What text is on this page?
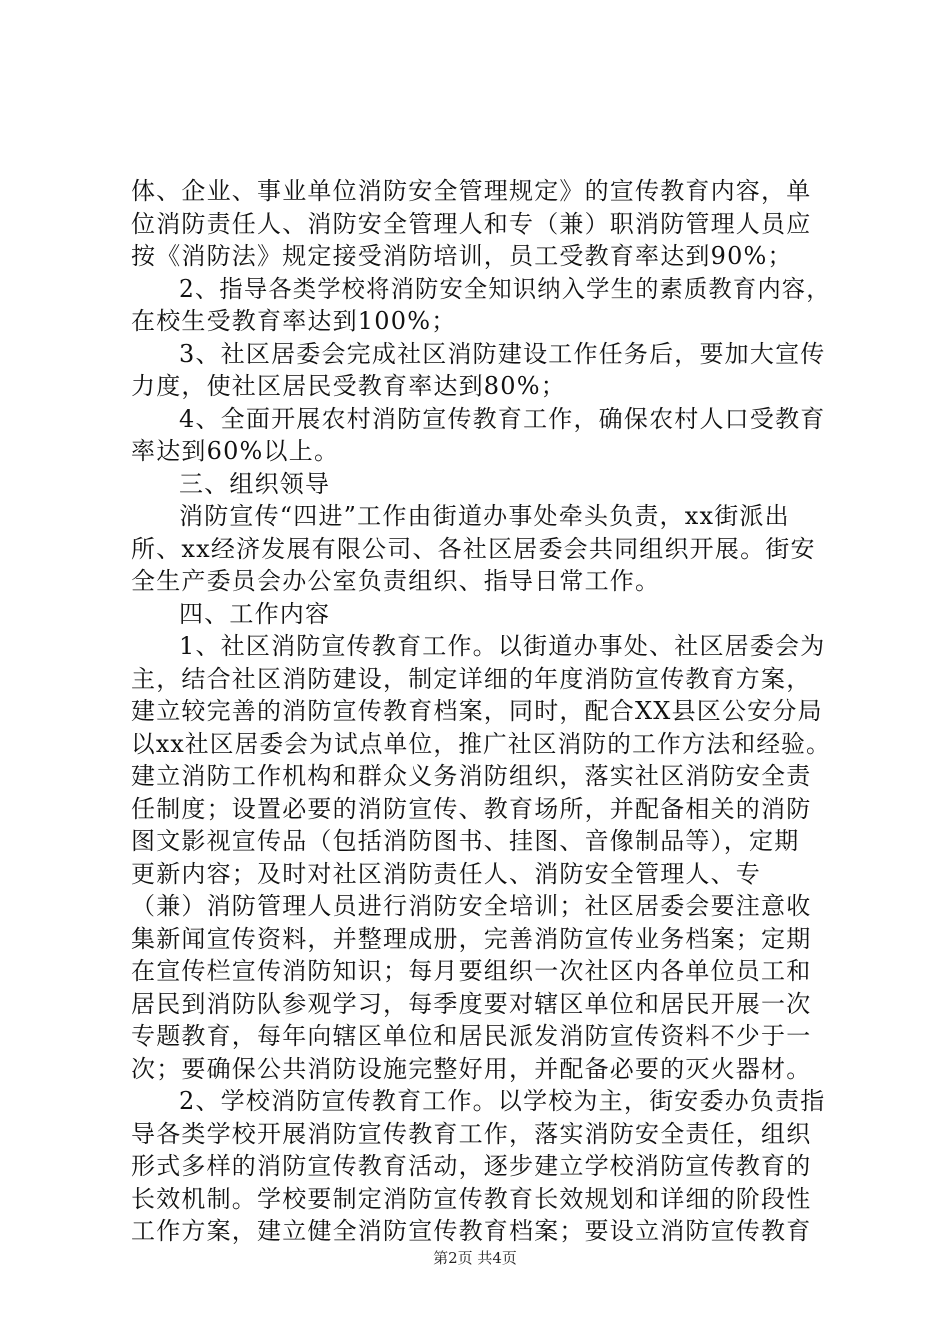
体、企业、事业单位消防安全管理规定》的宣传教育内容，单
位消防责任人、消防安全管理人和专（兼）职消防管理人员应
按《消防法》规定接受消防培训，员工受教育率达到90%；
2、指导各类学校将消防安全知识纳入学生的素质教育内容，
在校生受教育率达到100%；
3、社区居委会完成社区消防建设工作任务后，要加大宣传
力度，使社区居民受教育率达到80%；
4、全面开展农村消防宣传教育工作，确保农村人口受教育
率达到60%以上。
三、组织领导
消防宣传“四进”工作由街道办事处牵头负责，xx街派出
所、xx经济发展有限公司、各社区居委会共同组织开展。街安
全生产委员会办公室负责组织、指导日常工作。
四、工作内容
1、社区消防宣传教育工作。以街道办事处、社区居委会为
主，结合社区消防建设，制定详细的年度消防宣传教育方案，
建立较完善的消防宣传教育档案，同时，配合XX县区公安分局
以xx社区居委会为试点单位，推广社区消防的工作方法和经验。
建立消防工作机构和群众义务消防组织，落实社区消防安全责
任制度；设置必要的消防宣传、教育场所，并配备相关的消防
图文影视宣传品（包括消防图书、挂图、音像制品等），定期
更新内容；及时对社区消防责任人、消防安全管理人、专
（兼）消防管理人员进行消防安全培训；社区居委会要注意收
集新闻宣传资料，并整理成册，完善消防宣传业务档案；定期
在宣传栏宣传消防知识；每月要组织一次社区内各单位员工和
居民到消防队参观学习，每季度要对辖区单位和居民开展一次
专题教育，每年向辖区单位和居民派发消防宣传资料不少于一
次；要确保公共消防设施完整好用，并配备必要的灭火器材。
2、学校消防宣传教育工作。以学校为主，街安委办负责指
导各类学校开展消防宣传教育工作，落实消防安全责任，组织
形式多样的消防宣传教育活动，逐步建立学校消防宣传教育的
长效机制。学校要制定消防宣传教育长效规划和详细的阶段性
工作方案，建立健全消防宣传教育档案；要设立消防宣传教育
第2页 共4页
